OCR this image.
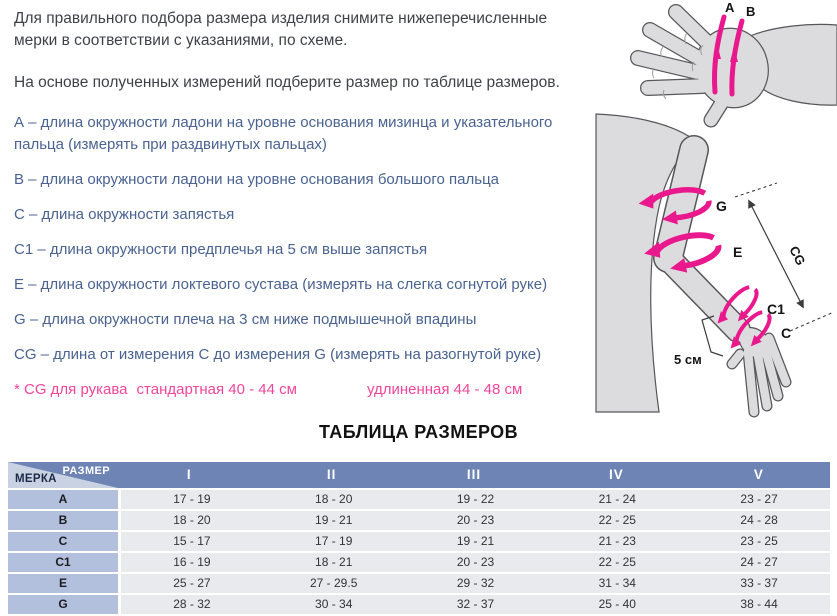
Для правильного подбора размера изделия снимите нижеперечисленные мерки в соответствии с указаниями, по схеме.

На основе полученных измерений подберите размер по таблице размеров.

А – длина окружности ладони на уровне основания мизинца и указательного пальца (измерять при раздвинутых пальцах)

В – длина окружности ладони на уровне основания большого пальца

С – длина окружности запястья

С1 – длина окружности предплечья на 5 см выше запястья

Е – длина окружности локтевого сустава (измерять на слегка согнутой руке)

G – длина окружности плеча на 3 см ниже подмышечной впадины

CG – длина от измерения С до измерения G (измерять на разогнутой руке)

* CG для рукава стандартная 40 - 44 см	удлиненная 44 - 48 см

A B
G
E
C1
C
CG
5 см
ТАБЛИЦА РАЗМЕРОВ
РАЗМЕР
МЕРКА	I	II	III	IV	V
А	17 - 19	18 - 20	19 - 22	21 - 24	23 - 27
В	18 - 20	19 - 21	20 - 23	22 - 25	24 - 28
С	15 - 17	17 - 19	19 - 21	21 - 23	23 - 25
С1	16 - 19	18 - 21	20 - 23	22 - 25	24 - 27
Е	25 - 27	27 - 29.5	29 - 32	31 - 34	33 - 37
G	28 - 32	30 - 34	32 - 37	25 - 40	38 - 44
